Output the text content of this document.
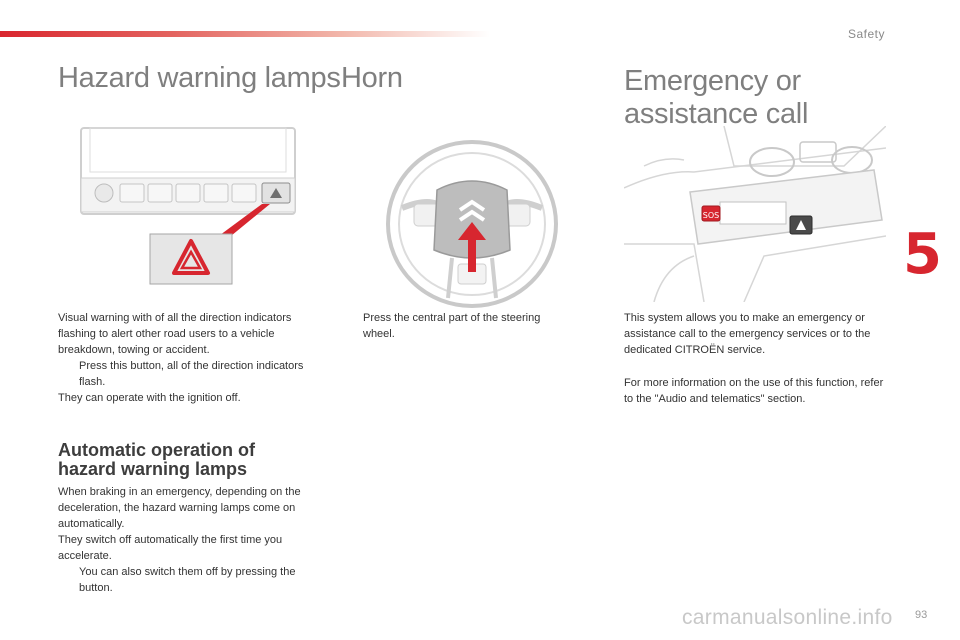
Safety
5
Hazard warning lamps
Visual warning with of all the direction indicators flashing to alert other road users to a vehicle breakdown, towing or accident.
Press this button, all of the direction indicators flash.
They can operate with the ignition off.
Automatic operation of hazard warning lamps
When braking in an emergency, depending on the deceleration, the hazard warning lamps come on automatically.
They switch off automatically the first time you accelerate.
You can also switch them off by pressing the button.
Horn
Press the central part of the steering wheel.
Emergency or assistance call
SOS
This system allows you to make an emergency or assistance call to the emergency services or to the dedicated CITROËN service.
For more information on the use of this function, refer to the "Audio and telematics" section.
carmanualsonline.info 93
